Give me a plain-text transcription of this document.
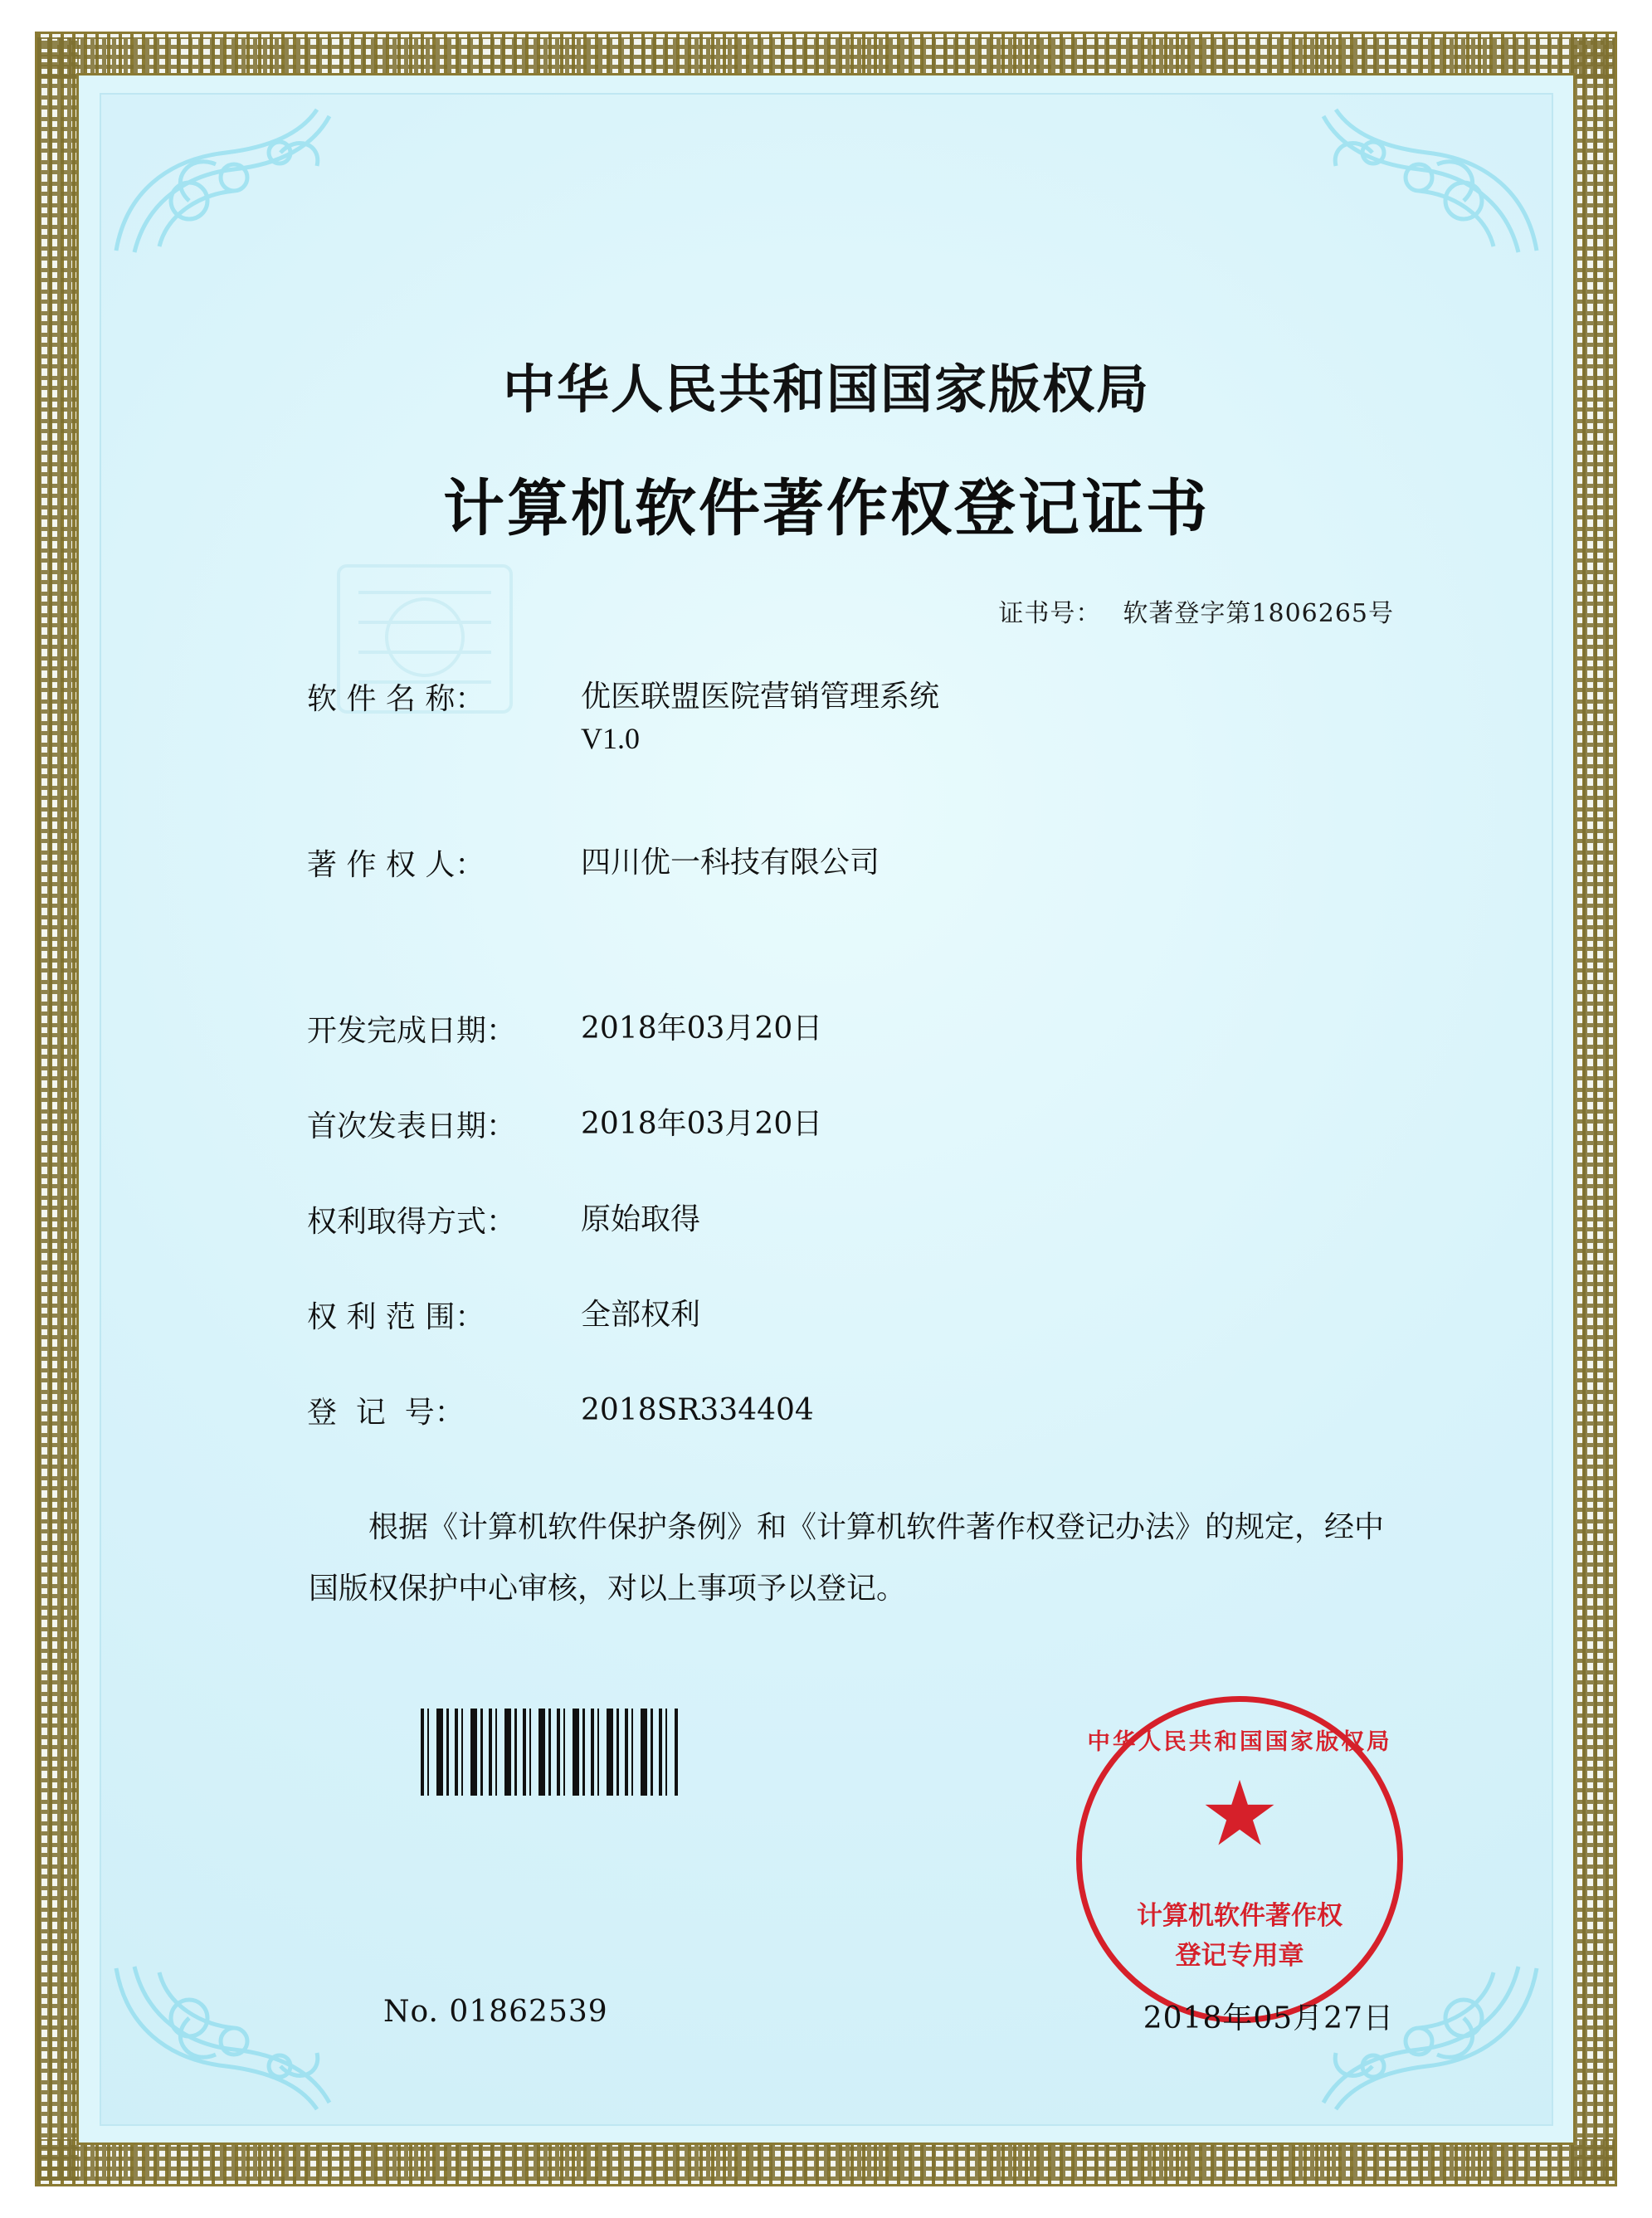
中华人民共和国国家版权局
计算机软件著作权登记证书
证书号： 软著登字第1806265号
软 件 名 称：	优医联盟医院营销管理系统
V1.0
著 作 权 人：	四川优一科技有限公司
开发完成日期：	2018年03月20日
首次发表日期：	2018年03月20日
权利取得方式：	原始取得
权 利 范 围：	全部权利
登  记  号：	2018SR334404
根据《计算机软件保护条例》和《计算机软件著作权登记办法》的规定，经中国版权保护中心审核，对以上事项予以登记。
中华人民共和国国家版权局
★
计算机软件著作权
登记专用章
No. 01862539	2018年05月27日
